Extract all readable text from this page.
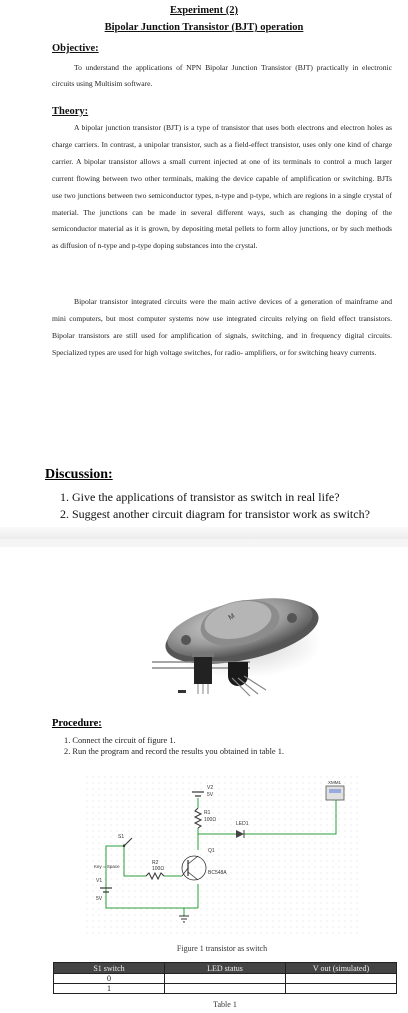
Experiment (2)
Bipolar Junction Transistor (BJT) operation
Objective:
To understand the applications of NPN Bipolar Junction Transistor (BJT) practically in electronic circuits using Multisim software.
Theory:
A bipolar junction transistor (BJT) is a type of transistor that uses both electrons and electron holes as charge carriers. In contrast, a unipolar transistor, such as a field-effect transistor, uses only one kind of charge carrier. A bipolar transistor allows a small current injected at one of its terminals to control a much larger current flowing between two other terminals, making the device capable of amplification or switching. BJTs use two junctions between two semiconductor types, n-type and p-type, which are regions in a single crystal of material. The junctions can be made in several different ways, such as changing the doping of the semiconductor material as it is grown, by depositing metal pellets to form alloy junctions, or by such methods as diffusion of n-type and p-type doping substances into the crystal.
Bipolar transistor integrated circuits were the main active devices of a generation of mainframe and mini computers, but most computer systems now use integrated circuits relying on field effect transistors. Bipolar transistors are still used for amplification of signals, switching, and in frequency digital circuits. Specialized types are used for high voltage switches, for radio- amplifiers, or for switching heavy currents.
Discussion:
1. Give the applications of transistor as switch in real life?
2. Suggest another circuit diagram for transistor work as switch?
M
Procedure:
1. Connect the circuit of figure 1.
2. Run the program and record the results you obtained in table 1.
V2
5V
R1
100Ω
LED1
Q1
BC548A
R2
100Ω
S1
Key = Space
V1
5V
XMM1
Figure 1 transistor as switch
S1 switch	LED status	V out (simulated)
0		
1		
Table 1
